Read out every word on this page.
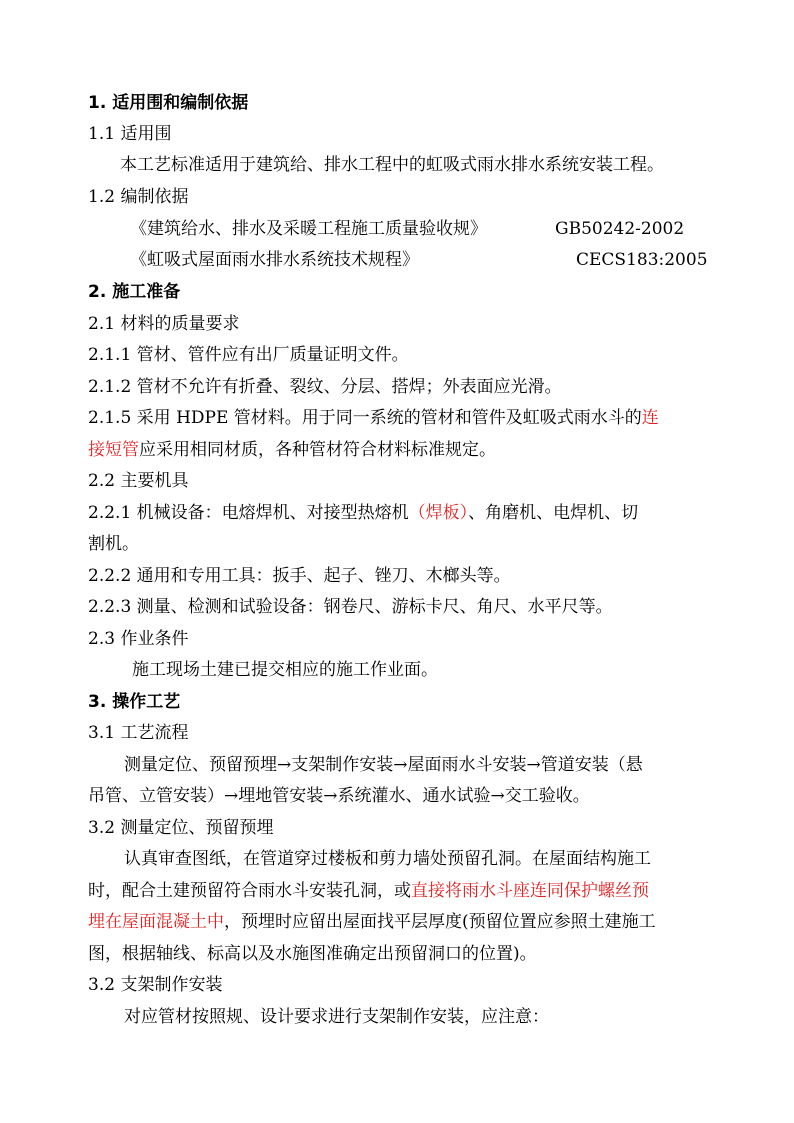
1. 适用围和编制依据
1.1 适用围
本工艺标准适用于建筑给、排水工程中的虹吸式雨水排水系统安装工程。
1.2 编制依据
《建筑给水、排水及采暖工程施工质量验收规》	GB50242-2002
《虹吸式屋面雨水排水系统技术规程》	CECS183:2005
2. 施工准备
2.1 材料的质量要求
2.1.1 管材、管件应有出厂质量证明文件。
2.1.2 管材不允许有折叠、裂纹、分层、搭焊；外表面应光滑。
2.1.5 采用 HDPE 管材料。用于同一系统的管材和管件及虹吸式雨水斗的连
接短管应采用相同材质，各种管材符合材料标准规定。
2.2 主要机具
2.2.1 机械设备：电熔焊机、对接型热熔机（焊板）、角磨机、电焊机、切
割机。
2.2.2 通用和专用工具：扳手、起子、锉刀、木榔头等。
2.2.3 测量、检测和试验设备：钢卷尺、游标卡尺、角尺、水平尺等。
2.3 作业条件
施工现场土建已提交相应的施工作业面。
3. 操作工艺
3.1 工艺流程
测量定位、预留预埋→支架制作安装→屋面雨水斗安装→管道安装（悬
吊管、立管安装）→埋地管安装→系统灌水、通水试验→交工验收。
3.2 测量定位、预留预埋
认真审查图纸，在管道穿过楼板和剪力墙处预留孔洞。在屋面结构施工
时，配合土建预留符合雨水斗安装孔洞，或直接将雨水斗座连同保护螺丝预
埋在屋面混凝土中，预埋时应留出屋面找平层厚度(预留位置应参照土建施工
图，根据轴线、标高以及水施图准确定出预留洞口的位置)。
3.2 支架制作安装
对应管材按照规、设计要求进行支架制作安装，应注意：
